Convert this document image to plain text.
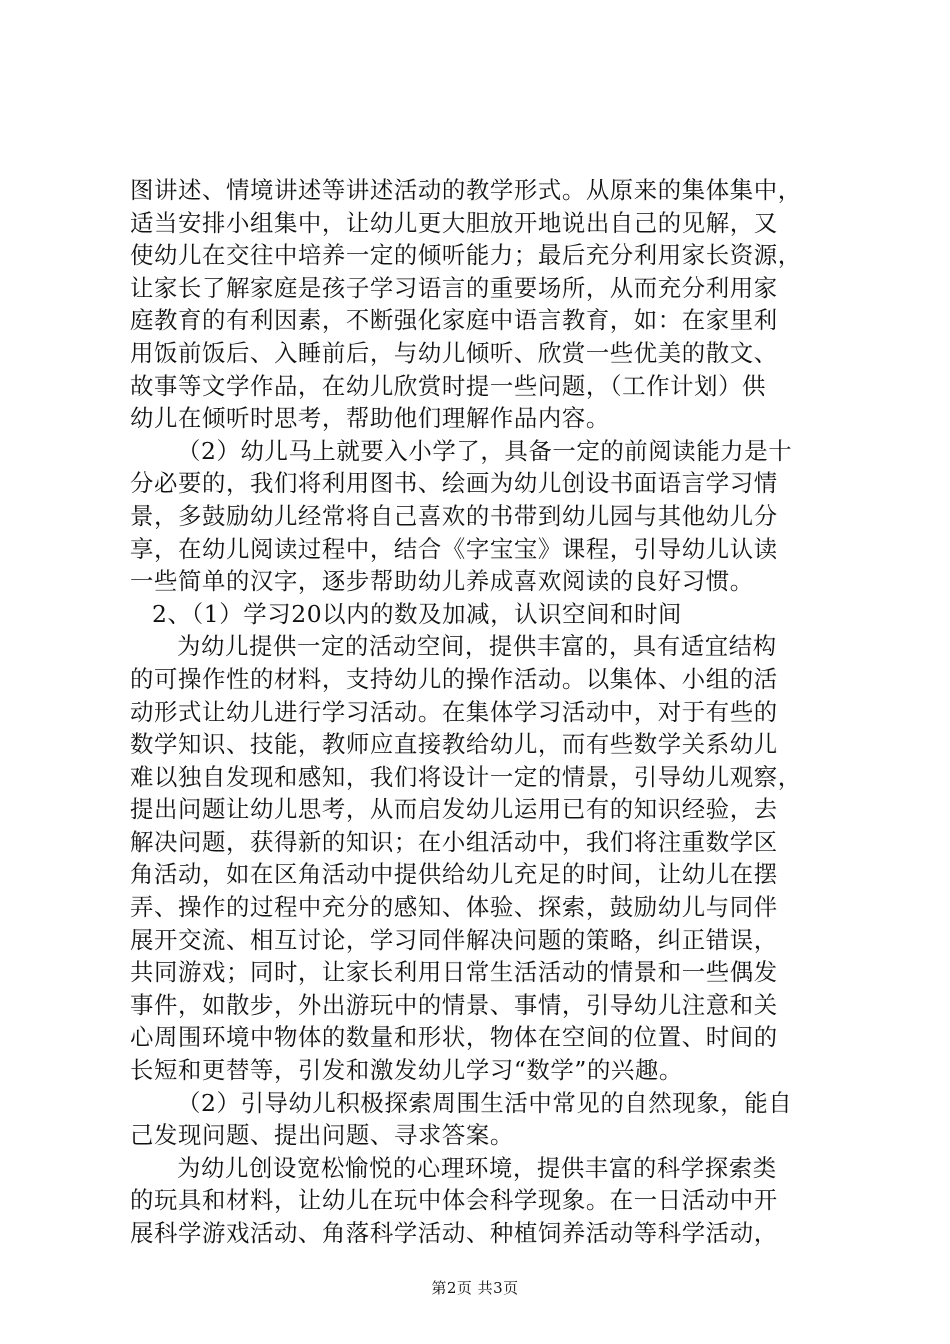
图讲述、情境讲述等讲述活动的教学形式。从原来的集体集中，
适当安排小组集中，让幼儿更大胆放开地说出自己的见解，又
使幼儿在交往中培养一定的倾听能力；最后充分利用家长资源，
让家长了解家庭是孩子学习语言的重要场所，从而充分利用家
庭教育的有利因素，不断强化家庭中语言教育，如：在家里利
用饭前饭后、入睡前后，与幼儿倾听、欣赏一些优美的散文、
故事等文学作品，在幼儿欣赏时提一些问题，（工作计划）供
幼儿在倾听时思考，帮助他们理解作品内容。
（2）幼儿马上就要入小学了，具备一定的前阅读能力是十
分必要的，我们将利用图书、绘画为幼儿创设书面语言学习情
景，多鼓励幼儿经常将自己喜欢的书带到幼儿园与其他幼儿分
享，在幼儿阅读过程中，结合《字宝宝》课程，引导幼儿认读
一些简单的汉字，逐步帮助幼儿养成喜欢阅读的良好习惯。
2、（1）学习20以内的数及加减，认识空间和时间
为幼儿提供一定的活动空间，提供丰富的，具有适宜结构
的可操作性的材料，支持幼儿的操作活动。以集体、小组的活
动形式让幼儿进行学习活动。在集体学习活动中，对于有些的
数学知识、技能，教师应直接教给幼儿，而有些数学关系幼儿
难以独自发现和感知，我们将设计一定的情景，引导幼儿观察，
提出问题让幼儿思考，从而启发幼儿运用已有的知识经验，去
解决问题，获得新的知识；在小组活动中，我们将注重数学区
角活动，如在区角活动中提供给幼儿充足的时间，让幼儿在摆
弄、操作的过程中充分的感知、体验、探索，鼓励幼儿与同伴
展开交流、相互讨论，学习同伴解决问题的策略，纠正错误，
共同游戏；同时，让家长利用日常生活活动的情景和一些偶发
事件，如散步，外出游玩中的情景、事情，引导幼儿注意和关
心周围环境中物体的数量和形状，物体在空间的位置、时间的
长短和更替等，引发和激发幼儿学习“数学”的兴趣。
（2）引导幼儿积极探索周围生活中常见的自然现象，能自
己发现问题、提出问题、寻求答案。
为幼儿创设宽松愉悦的心理环境，提供丰富的科学探索类
的玩具和材料，让幼儿在玩中体会科学现象。在一日活动中开
展科学游戏活动、角落科学活动、种植饲养活动等科学活动，
第2页 共3页
